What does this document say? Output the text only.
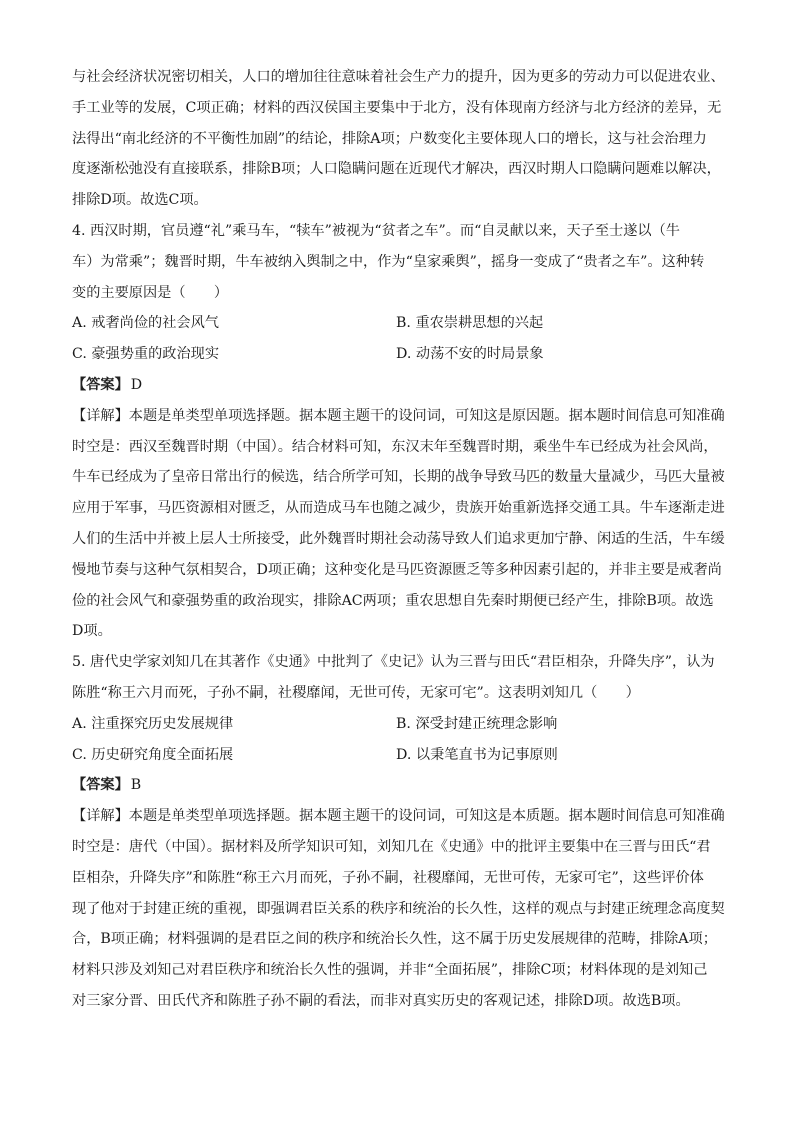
与社会经济状况密切相关，人口的增加往往意味着社会生产力的提升，因为更多的劳动力可以促进农业、
手工业等的发展，C项正确；材料的西汉侯国主要集中于北方，没有体现南方经济与北方经济的差异，无
法得出“南北经济的不平衡性加剧”的结论，排除A项；户数变化主要体现人口的增长，这与社会治理力
度逐渐松弛没有直接联系，排除B项；人口隐瞒问题在近现代才解决，西汉时期人口隐瞒问题难以解决，
排除D项。故选C项。
4. 西汉时期，官员遵“礼”乘马车，“犊车”被视为“贫者之车”。而“自灵献以来，天子至士遂以（牛
车）为常乘”；魏晋时期，牛车被纳入舆制之中，作为“皇家乘舆”，摇身一变成了“贵者之车”。这种转
变的主要原因是（　　）
A. 戒奢尚俭的社会风气	B. 重农崇耕思想的兴起
C. 豪强势重的政治现实	D. 动荡不安的时局景象
【答案】 D
【详解】本题是单类型单项选择题。据本题主题干的设问词，可知这是原因题。据本题时间信息可知准确
时空是：西汉至魏晋时期（中国）。结合材料可知，东汉末年至魏晋时期，乘坐牛车已经成为社会风尚，
牛车已经成为了皇帝日常出行的候选，结合所学可知，长期的战争导致马匹的数量大量减少，马匹大量被
应用于军事，马匹资源相对匮乏，从而造成马车也随之减少，贵族开始重新选择交通工具。牛车逐渐走进
人们的生活中并被上层人士所接受，此外魏晋时期社会动荡导致人们追求更加宁静、闲适的生活，牛车缓
慢地节奏与这种气氛相契合，D项正确；这种变化是马匹资源匮乏等多种因素引起的，并非主要是戒奢尚
俭的社会风气和豪强势重的政治现实，排除AC两项；重农思想自先秦时期便已经产生，排除B项。故选
D项。
5. 唐代史学家刘知几在其著作《史通》中批判了《史记》认为三晋与田氏“君臣相杂，升降失序”，认为
陈胜“称王六月而死，子孙不嗣，社稷靡闻，无世可传，无家可宅”。这表明刘知几（　　）
A. 注重探究历史发展规律	B. 深受封建正统理念影响
C. 历史研究角度全面拓展	D. 以秉笔直书为记事原则
【答案】 B
【详解】本题是单类型单项选择题。据本题主题干的设问词，可知这是本质题。据本题时间信息可知准确
时空是：唐代（中国）。据材料及所学知识可知，刘知几在《史通》中的批评主要集中在三晋与田氏“君
臣相杂，升降失序”和陈胜“称王六月而死，子孙不嗣，社稷靡闻，无世可传，无家可宅”，这些评价体
现了他对于封建正统的重视，即强调君臣关系的秩序和统治的长久性，这样的观点与封建正统理念高度契
合，B项正确；材料强调的是君臣之间的秩序和统治长久性，这不属于历史发展规律的范畴，排除A项；
材料只涉及刘知己对君臣秩序和统治长久性的强调，并非“全面拓展”，排除C项；材料体现的是刘知己
对三家分晋、田氏代齐和陈胜子孙不嗣的看法，而非对真实历史的客观记述，排除D项。故选B项。
